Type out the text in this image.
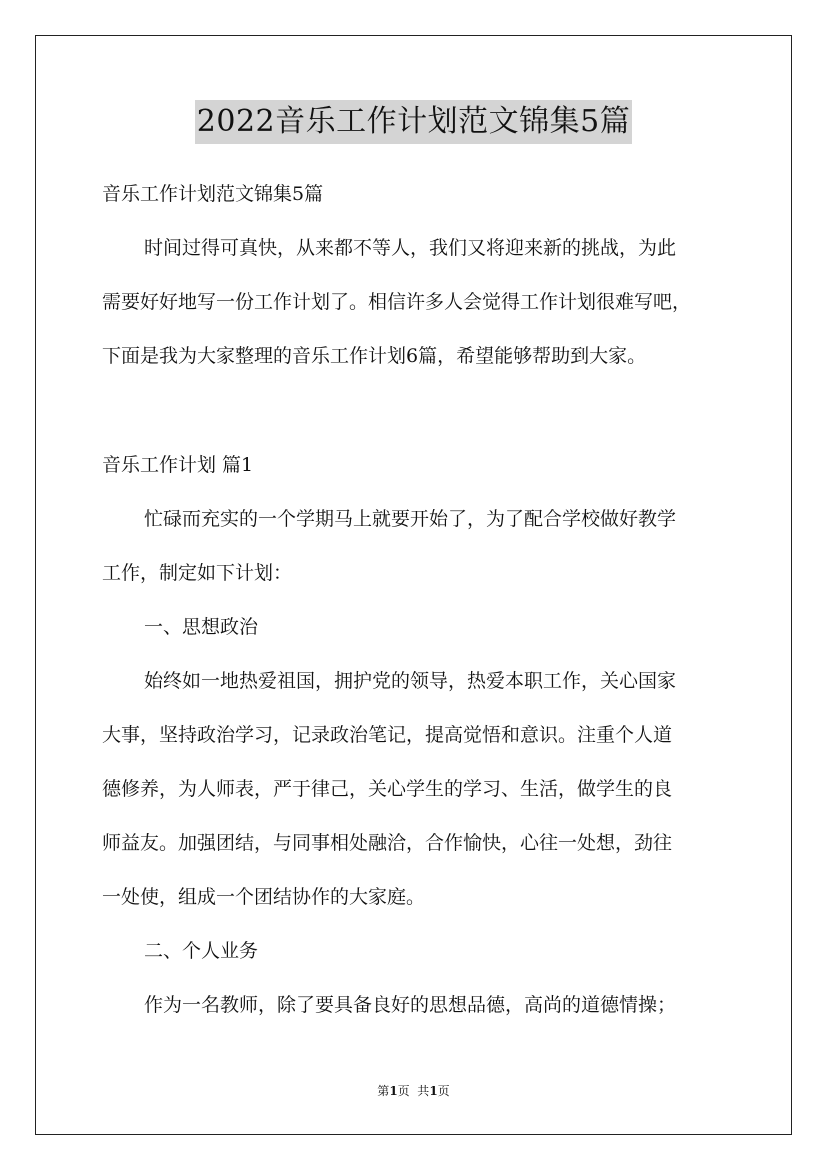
2022音乐工作计划范文锦集5篇
音乐工作计划范文锦集5篇
时间过得可真快，从来都不等人，我们又将迎来新的挑战，为此
需要好好地写一份工作计划了。相信许多人会觉得工作计划很难写吧，
下面是我为大家整理的音乐工作计划6篇，希望能够帮助到大家。
音乐工作计划 篇1
忙碌而充实的一个学期马上就要开始了，为了配合学校做好教学
工作，制定如下计划：
一、思想政治
始终如一地热爱祖国，拥护党的领导，热爱本职工作，关心国家
大事，坚持政治学习，记录政治笔记，提高觉悟和意识。注重个人道
德修养，为人师表，严于律己，关心学生的学习、生活，做学生的良
师益友。加强团结，与同事相处融洽，合作愉快，心往一处想，劲往
一处使，组成一个团结协作的大家庭。
二、个人业务
作为一名教师，除了要具备良好的思想品德，高尚的道德情操；
第1页  共1页
